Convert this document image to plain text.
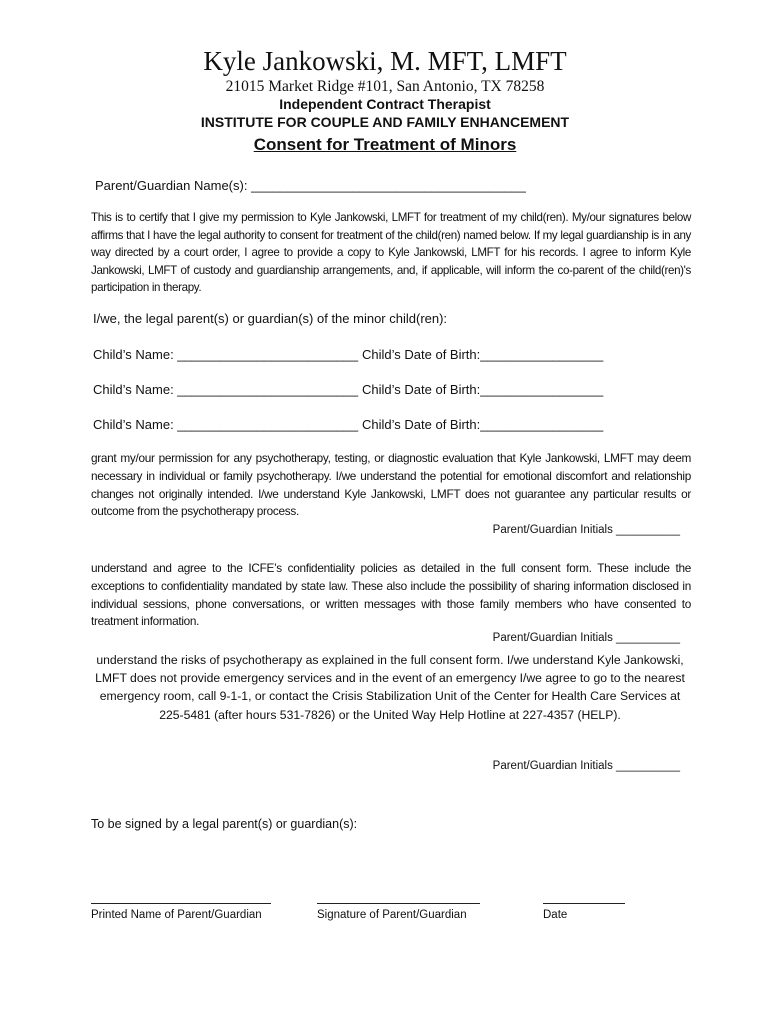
Kyle Jankowski, M. MFT, LMFT
21015 Market Ridge #101, San Antonio, TX 78258
Independent Contract Therapist
INSTITUTE FOR COUPLE AND FAMILY ENHANCEMENT
Consent for Treatment of Minors
Parent/Guardian Name(s): ______________________________________
This is to certify that I give my permission to Kyle Jankowski, LMFT for treatment of my child(ren). My/our signatures below affirms that I have the legal authority to consent for treatment of the child(ren) named below. If my legal guardianship is in any way directed by a court order, I agree to provide a copy to Kyle Jankowski, LMFT for his records. I agree to inform Kyle Jankowski, LMFT of custody and guardianship arrangements, and, if applicable, will inform the co-parent of the child(ren)'s participation in therapy.
I/we, the legal parent(s) or guardian(s) of the minor child(ren):
Child’s Name: _________________________ Child’s Date of Birth:_________________
Child’s Name: _________________________ Child’s Date of Birth:_________________
Child’s Name: _________________________ Child’s Date of Birth:_________________
grant my/our permission for any psychotherapy, testing, or diagnostic evaluation that Kyle Jankowski, LMFT may deem necessary in individual or family psychotherapy. I/we understand the potential for emotional discomfort and relationship changes not originally intended. I/we understand Kyle Jankowski, LMFT does not guarantee any particular results or outcome from the psychotherapy process.
Parent/Guardian Initials __________
understand and agree to the ICFE’s confidentiality policies as detailed in the full consent form. These include the exceptions to confidentiality mandated by state law. These also include the possibility of sharing information disclosed in individual sessions, phone conversations, or written messages with those family members who have consented to treatment information.
Parent/Guardian Initials __________
understand the risks of psychotherapy as explained in the full consent form. I/we understand Kyle Jankowski, LMFT does not provide emergency services and in the event of an emergency I/we agree to go to the nearest emergency room, call 9-1-1, or contact the Crisis Stabilization Unit of the Center for Health Care Services at 225-5481 (after hours 531-7826) or the United Way Help Hotline at 227-4357 (HELP).
Parent/Guardian Initials __________
To be signed by a legal parent(s) or guardian(s):
Printed Name of Parent/Guardian	Signature of Parent/Guardian	Date
